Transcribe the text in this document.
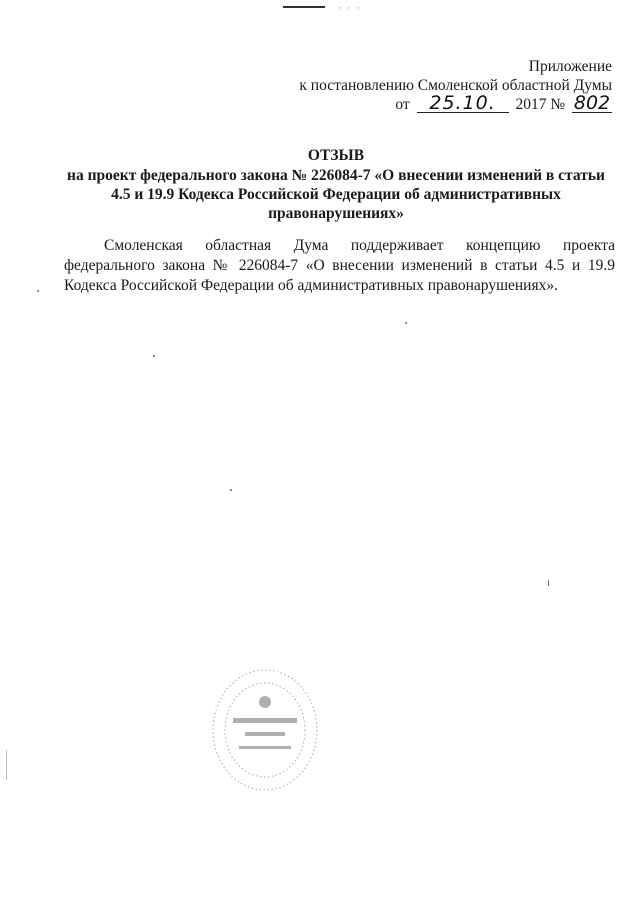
· · ·
Приложение
к постановлению Смоленской областной Думы
от 25.10. 2017 № 802
ОТЗЫВ
на проект федерального закона № 226084-7 «О внесении изменений в статьи 4.5 и 19.9 Кодекса Российской Федерации об административных правонарушениях»
Смоленская областная Дума поддерживает концепцию проекта федерального закона № 226084-7 «О внесении изменений в статьи 4.5 и 19.9 Кодекса Российской Федерации об административных правонарушениях».
